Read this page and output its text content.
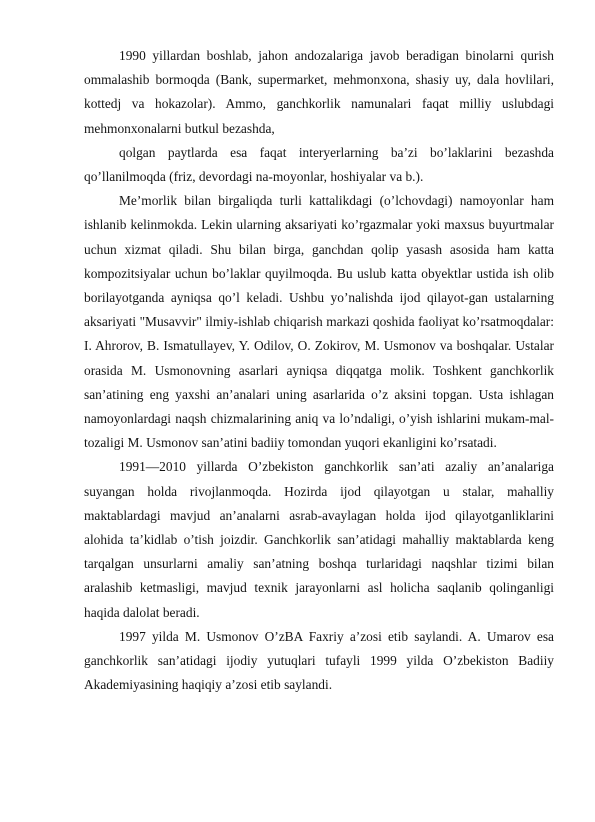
1990 yillardan boshlab, jahon andozalariga javob beradigan binolarni qurish ommalashib bormoqda (Bank, supermarket, mehmonxona, shasiy uy, dala hovlilari, kottedj va hokazolar). Ammo, ganchkorlik namunalari faqat milliy uslubdagi mehmonxonalarni butkul bezashda,

qolgan paytlarda esa faqat interyerlarning ba’zi bo’laklarini bezashda qo’llanilmoqda (friz, devordagi na-moyonlar, hoshiyalar va b.).

Me’morlik bilan birgaliqda turli kattalikdagi (o’lchovdagi) namoyonlar ham ishlanib kelinmokda. Lekin ularning aksariyati ko’rgazmalar yoki maxsus buyurtmalar uchun xizmat qiladi. Shu bilan birga, ganchdan qolip yasash asosida ham katta kompozitsiyalar uchun bo’laklar quyilmoqda. Bu uslub katta obyektlar ustida ish olib borilayotganda ayniqsa qo’l keladi. Ushbu yo’nalishda ijod qilayot-gan ustalarning aksariyati "Musavvir" ilmiy-ishlab chiqarish markazi qoshida faoliyat ko’rsatmoqdalar: I. Ahrorov, B. Ismatullayev, Y. Odilov, O. Zokirov, M. Usmonov va boshqalar. Ustalar orasida M. Usmonovning asarlari ayniqsa diqqatga molik. Toshkent ganchkorlik san’atining eng yaxshi an’analari uning asarlarida o’z aksini topgan. Usta ishlagan namoyonlardagi naqsh chizmalarining aniq va lo’ndaligi, o’yish ishlarini mukam-mal-tozaligi M. Usmonov san’atini badiiy tomondan yuqori ekanligini ko’rsatadi.

1991—2010 yillarda O’zbekiston ganchkorlik san’ati azaliy an’analariga suyangan holda rivojlanmoqda. Hozirda ijod qilayotgan u stalar, mahalliy maktablardagi mavjud an’analarni asrab-avaylagan holda ijod qilayotganliklarini alohida ta’kidlab o’tish joizdir. Ganchkorlik san’atidagi mahalliy maktablarda keng tarqalgan unsurlarni amaliy san’atning boshqa turlaridagi naqshlar tizimi bilan aralashib ketmasligi, mavjud texnik jarayonlarni asl holicha saqlanib qolinganligi haqida dalolat beradi.

1997 yilda M. Usmonov O’zBA Faxriy a’zosi etib saylandi. A. Umarov esa ganchkorlik san’atidagi ijodiy yutuqlari tufayli 1999 yilda O’zbekiston Badiiy Akademiyasining haqiqiy a’zosi etib saylandi.
